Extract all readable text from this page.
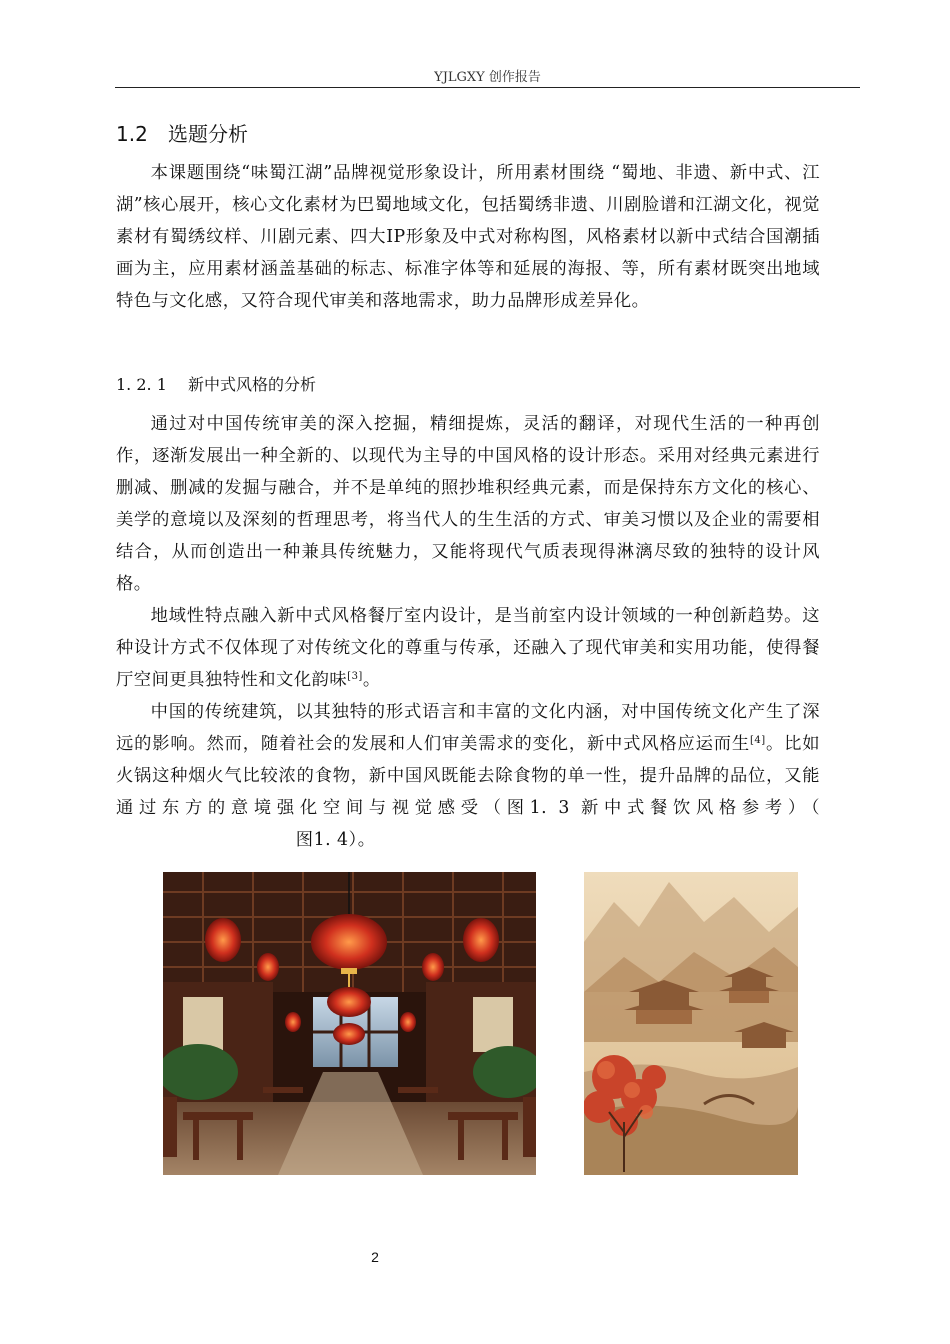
YJLGXY 创作报告
1.2 选题分析
本课题围绕“味蜀江湖”品牌视觉形象设计，所用素材围绕 “蜀地、非遗、新中式、江湖”核心展开，核心文化素材为巴蜀地域文化，包括蜀绣非遗、川剧脸谱和江湖文化，视觉素材有蜀绣纹样、川剧元素、四大IP形象及中式对称构图，风格素材以新中式结合国潮插画为主，应用素材涵盖基础的标志、标准字体等和延展的海报、等，所有素材既突出地域特色与文化感，又符合现代审美和落地需求，助力品牌形成差异化。
1. 2. 1 新中式风格的分析
通过对中国传统审美的深入挖掘，精细提炼，灵活的翻译，对现代生活的一种再创作，逐渐发展出一种全新的、以现代为主导的中国风格的设计形态。采用对经典元素进行删减、删减的发掘与融合，并不是单纯的照抄堆积经典元素，而是保持东方文化的核心、美学的意境以及深刻的哲理思考，将当代人的生生活的方式、审美习惯以及企业的需要相结合，从而创造出一种兼具传统魅力，又能将现代气质表现得淋漓尽致的独特的设计风格。
地域性特点融入新中式风格餐厅室内设计，是当前室内设计领域的一种创新趋势。这种设计方式不仅体现了对传统文化的尊重与传承，还融入了现代审美和实用功能，使得餐厅空间更具独特性和文化韵味[3]。
中国的传统建筑，以其独特的形式语言和丰富的文化内涵，对中国传统文化产生了深远的影响。然而，随着社会的发展和人们审美需求的变化，新中式风格应运而生[4]。比如火锅这种烟火气比较浓的食物，新中国风既能去除食物的单一性，提升品牌的品位，又能通过东方的意境强化空间与视觉感受（图1. 3 新中式餐饮风格参考）（                              图1. 4）。
2
